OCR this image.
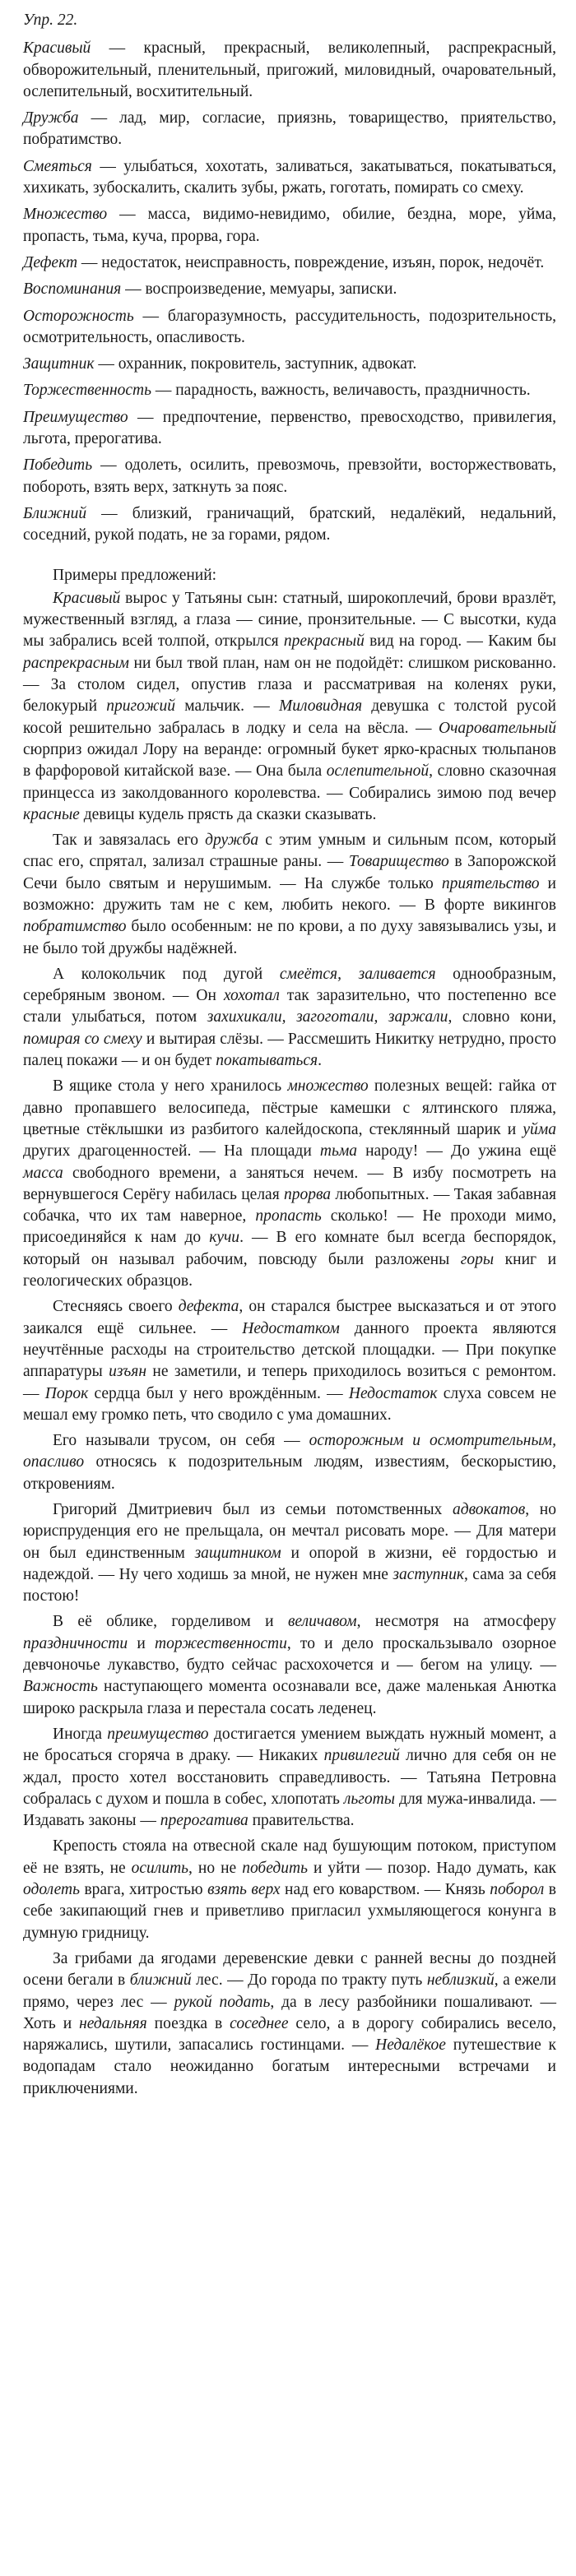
Упр. 22.

Красивый — красный, прекрасный, великолепный, распрекрасный, обворожительный, пленительный, пригожий, миловидный, очаровательный, ослепительный, восхитительный.

Дружба — лад, мир, согласие, приязнь, товарищество, приятельство, побратимство.

Смеяться — улыбаться, хохотать, заливаться, закатываться, покатываться, хихикать, зубоскалить, скалить зубы, ржать, гоготать, помирать со смеху.

Множество — масса, видимо-невидимо, обилие, бездна, море, уйма, пропасть, тьма, куча, прорва, гора.

Дефект — недостаток, неисправность, повреждение, изъян, порок, недочёт.

Воспоминания — воспроизведение, мемуары, записки.

Осторожность — благоразумность, рассудительность, подозрительность, осмотрительность, опасливость.

Защитник — охранник, покровитель, заступник, адвокат.

Торжественность — парадность, важность, величавость, праздничность.

Преимущество — предпочтение, первенство, превосходство, привилегия, льгота, прерогатива.

Победить — одолеть, осилить, превозмочь, превзойти, восторжествовать, побороть, взять верх, заткнуть за пояс.

Ближний — близкий, граничащий, братский, недалёкий, недальний, соседний, рукой подать, не за горами, рядом.

Примеры предложений:

Красивый вырос у Татьяны сын: статный, широкоплечий, брови вразлёт, мужественный взгляд, а глаза — синие, пронзительные. — С высотки, куда мы забрались всей толпой, открылся прекрасный вид на город. — Каким бы распрекрасным ни был твой план, нам он не подойдёт: слишком рискованно. — За столом сидел, опустив глаза и рассматривая на коленях руки, белокурый пригожий мальчик. — Миловидная девушка с толстой русой косой решительно забралась в лодку и села на вёсла. — Очаровательный сюрприз ожидал Лору на веранде: огромный букет ярко-красных тюльпанов в фарфоровой китайской вазе. — Она была ослепительной, словно сказочная принцесса из заколдованного королевства. — Собирались зимою под вечер красные девицы кудель прясть да сказки сказывать.

Так и завязалась его дружба с этим умным и сильным псом, который спас его, спрятал, зализал страшные раны. — Товарищество в Запорожской Сечи было святым и нерушимым. — На службе только приятельство и возможно: дружить там не с кем, любить некого. — В форте викингов побратимство было особенным: не по крови, а по духу завязывались узы, и не было той дружбы надёжней.

А колокольчик под дугой смеётся, заливается однообразным, серебряным звоном. — Он хохотал так заразительно, что постепенно все стали улыбаться, потом захихикали, загоготали, заржали, словно кони, помирая со смеху и вытирая слёзы. — Рассмешить Никитку нетрудно, просто палец покажи — и он будет покатываться.

В ящике стола у него хранилось множество полезных вещей: гайка от давно пропавшего велосипеда, пёстрые камешки с ялтинского пляжа, цветные стёклышки из разбитого калейдоскопа, стеклянный шарик и уйма других драгоценностей. — На площади тьма народу! — До ужина ещё масса свободного времени, а заняться нечем. — В избу посмотреть на вернувшегося Серёгу набилась целая прорва любопытных. — Такая забавная собачка, что их там наверное, пропасть сколько! — Не проходи мимо, присоединяйся к нам до кучи. — В его комнате был всегда беспорядок, который он называл рабочим, повсюду были разложены горы книг и геологических образцов.

Стесняясь своего дефекта, он старался быстрее высказаться и от этого заикался ещё сильнее. — Недостатком данного проекта являются неучтённые расходы на строительство детской площадки. — При покупке аппаратуры изъян не заметили, и теперь приходилось возиться с ремонтом. — Порок сердца был у него врождённым. — Недостаток слуха совсем не мешал ему громко петь, что сводило с ума домашних.

Его называли трусом, он себя — осторожным и осмотрительным, опасливо относясь к подозрительным людям, известиям, бескорыстию, откровениям.

Григорий Дмитриевич был из семьи потомственных адвокатов, но юриспруденция его не прельщала, он мечтал рисовать море. — Для матери он был единственным защитником и опорой в жизни, её гордостью и надеждой. — Ну чего ходишь за мной, не нужен мне заступник, сама за себя постою!

В её облике, горделивом и величавом, несмотря на атмосферу праздничности и торжественности, то и дело проскальзывало озорное девчоночье лукавство, будто сейчас расхохочется и — бегом на улицу. — Важность наступающего момента осознавали все, даже маленькая Анютка широко раскрыла глаза и перестала сосать леденец.

Иногда преимущество достигается умением выждать нужный момент, а не бросаться сгоряча в драку. — Никаких привилегий лично для себя он не ждал, просто хотел восстановить справедливость. — Татьяна Петровна собралась с духом и пошла в собес, хлопотать льготы для мужа-инвалида. — Издавать законы — прерогатива правительства.

Крепость стояла на отвесной скале над бушующим потоком, приступом её не взять, не осилить, но не победить и уйти — позор. Надо думать, как одолеть врага, хитростью взять верх над его коварством. — Князь поборол в себе закипающий гнев и приветливо пригласил ухмыляющегося конунга в думную гридницу.

За грибами да ягодами деревенские девки с ранней весны до поздней осени бегали в ближний лес. — До города по тракту путь неблизкий, а ежели прямо, через лес — рукой подать, да в лесу разбойники пошаливают. — Хоть и недальняя поездка в соседнее село, а в дорогу собирались весело, наряжались, шутили, запасались гостинцами. — Недалёкое путешествие к водопадам стало неожиданно богатым интересными встречами и приключениями.
